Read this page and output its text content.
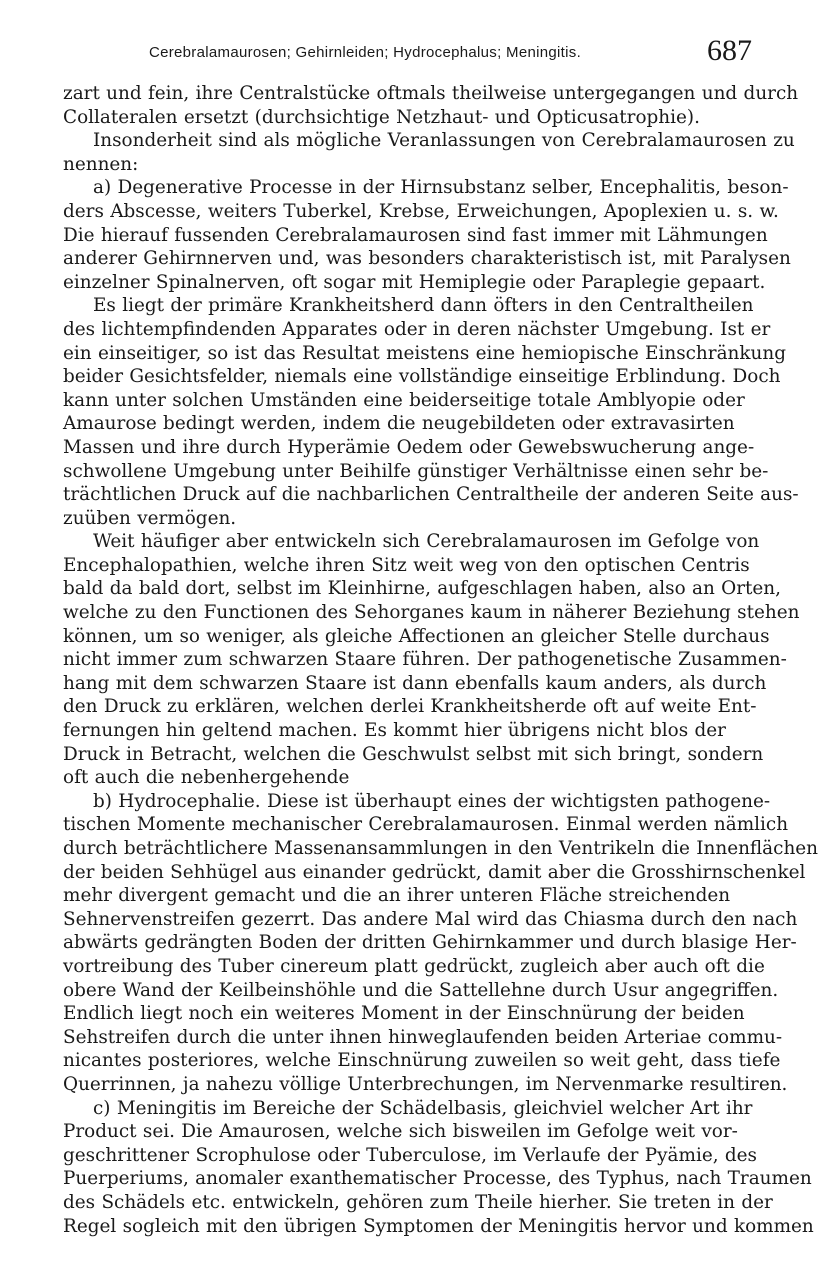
Cerebralamaurosen; Gehirnleiden; Hydrocephalus; Meningitis.	687

zart und fein, ihre Centralstücke oftmals theilweise untergegangen und durch
Collateralen ersetzt (durchsichtige Netzhaut- und Opticusatrophie).

Insonderheit sind als mögliche Veranlassungen von Cerebralamaurosen zu
nennen:

a) Degenerative Processe in der Hirnsubstanz selber, Encephalitis, beson-
ders Abscesse, weiters Tuberkel, Krebse, Erweichungen, Apoplexien u. s. w.
Die hierauf fussenden Cerebralamaurosen sind fast immer mit Lähmungen
anderer Gehirnnerven und, was besonders charakteristisch ist, mit Paralysen
einzelner Spinalnerven, oft sogar mit Hemiplegie oder Paraplegie gepaart.

Es liegt der primäre Krankheitsherd dann öfters in den Centraltheilen
des lichtempfindenden Apparates oder in deren nächster Umgebung. Ist er
ein einseitiger, so ist das Resultat meistens eine hemiopische Einschränkung
beider Gesichtsfelder, niemals eine vollständige einseitige Erblindung. Doch
kann unter solchen Umständen eine beiderseitige totale Amblyopie oder
Amaurose bedingt werden, indem die neugebildeten oder extravasirten
Massen und ihre durch Hyperämie Oedem oder Gewebswucherung ange-
schwollene Umgebung unter Beihilfe günstiger Verhältnisse einen sehr be-
trächtlichen Druck auf die nachbarlichen Centraltheile der anderen Seite aus-
zuüben vermögen.

Weit häufiger aber entwickeln sich Cerebralamaurosen im Gefolge von
Encephalopathien, welche ihren Sitz weit weg von den optischen Centris
bald da bald dort, selbst im Kleinhirne, aufgeschlagen haben, also an Orten,
welche zu den Functionen des Sehorganes kaum in näherer Beziehung stehen
können, um so weniger, als gleiche Affectionen an gleicher Stelle durchaus
nicht immer zum schwarzen Staare führen. Der pathogenetische Zusammen-
hang mit dem schwarzen Staare ist dann ebenfalls kaum anders, als durch
den Druck zu erklären, welchen derlei Krankheitsherde oft auf weite Ent-
fernungen hin geltend machen. Es kommt hier übrigens nicht blos der
Druck in Betracht, welchen die Geschwulst selbst mit sich bringt, sondern
oft auch die nebenhergehende

b) Hydrocephalie. Diese ist überhaupt eines der wichtigsten pathogene-
tischen Momente mechanischer Cerebralamaurosen. Einmal werden nämlich
durch beträchtlichere Massenansammlungen in den Ventrikeln die Innenflächen
der beiden Sehhügel aus einander gedrückt, damit aber die Grosshirnschenkel
mehr divergent gemacht und die an ihrer unteren Fläche streichenden
Sehnervenstreifen gezerrt. Das andere Mal wird das Chiasma durch den nach
abwärts gedrängten Boden der dritten Gehirnkammer und durch blasige Her-
vortreibung des Tuber cinereum platt gedrückt, zugleich aber auch oft die
obere Wand der Keilbeinshöhle und die Sattellehne durch Usur angegriffen.
Endlich liegt noch ein weiteres Moment in der Einschnürung der beiden
Sehstreifen durch die unter ihnen hinweglaufenden beiden Arteriae commu-
nicantes posteriores, welche Einschnürung zuweilen so weit geht, dass tiefe
Querrinnen, ja nahezu völlige Unterbrechungen, im Nervenmarke resultiren.

c) Meningitis im Bereiche der Schädelbasis, gleichviel welcher Art ihr
Product sei. Die Amaurosen, welche sich bisweilen im Gefolge weit vor-
geschrittener Scrophulose oder Tuberculose, im Verlaufe der Pyämie, des
Puerperiums, anomaler exanthematischer Processe, des Typhus, nach Traumen
des Schädels etc. entwickeln, gehören zum Theile hierher. Sie treten in der
Regel sogleich mit den übrigen Symptomen der Meningitis hervor und kommen
